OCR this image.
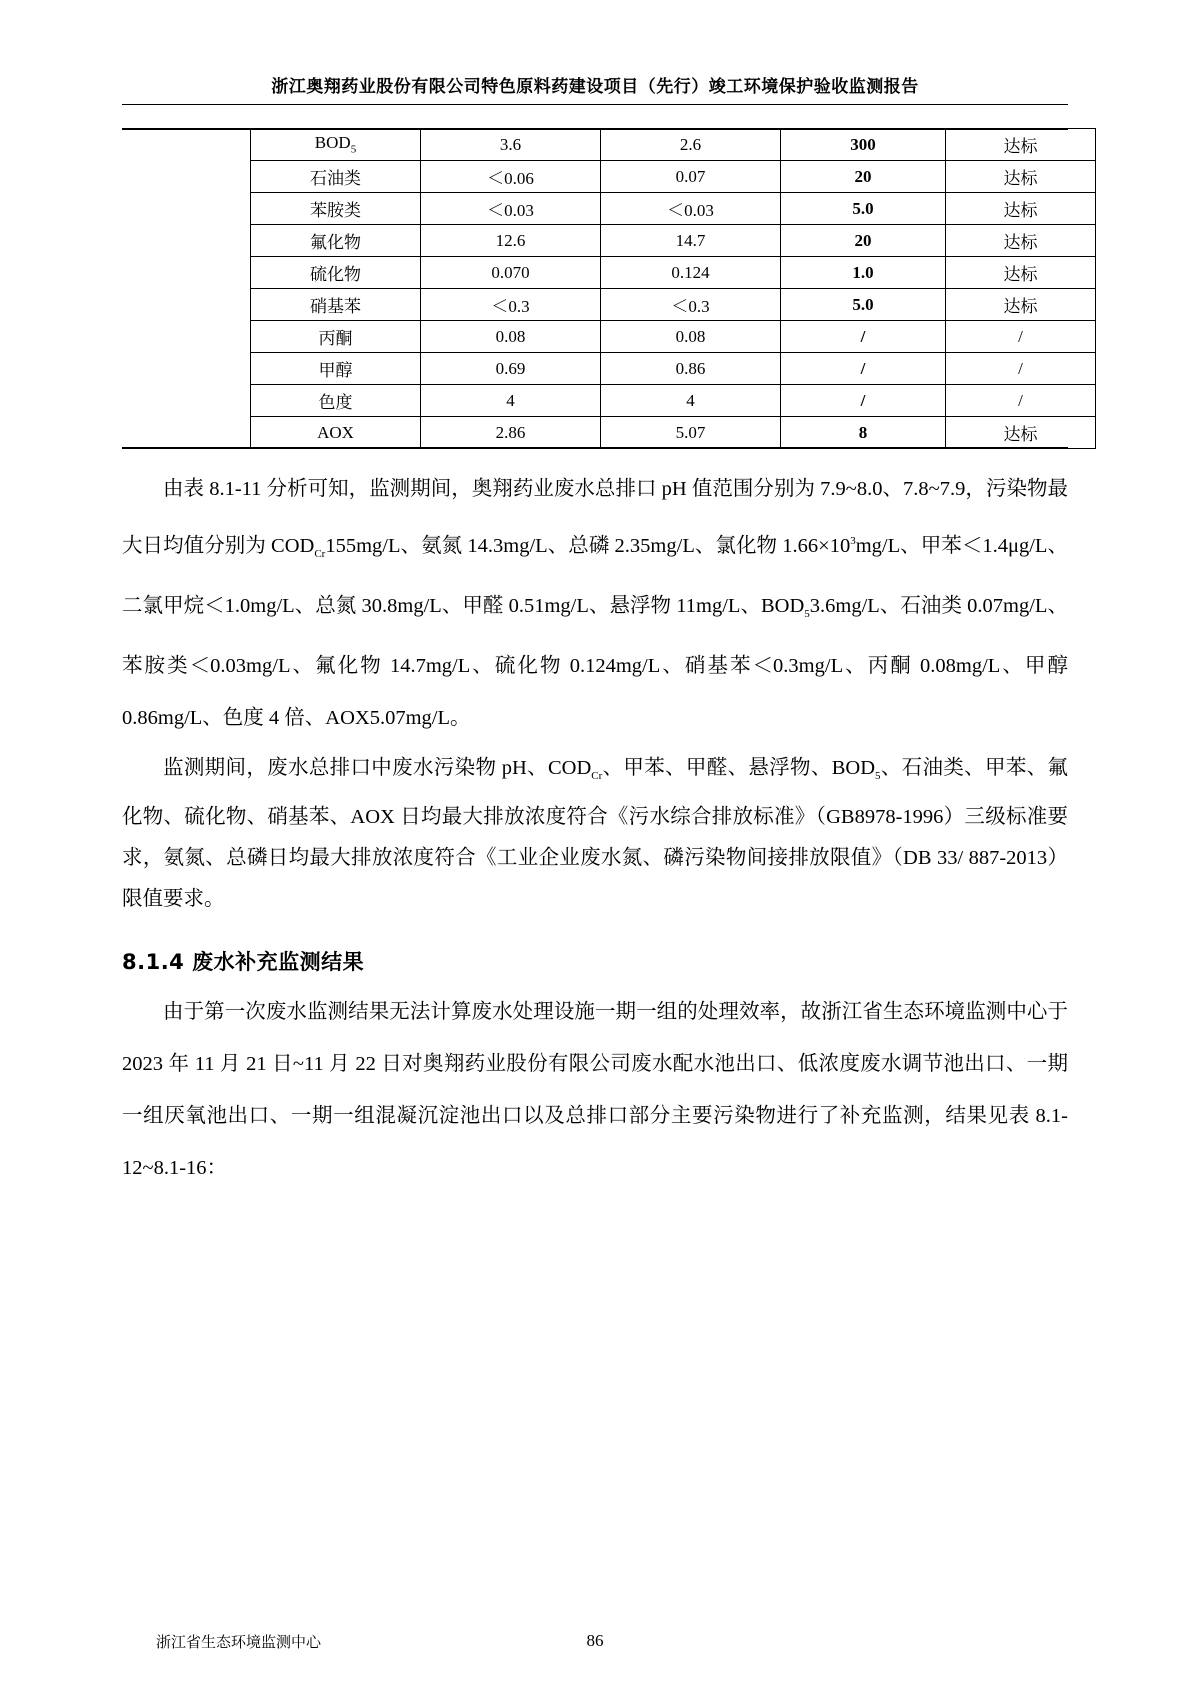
浙江奥翔药业股份有限公司特色原料药建设项目（先行）竣工环境保护验收监测报告
$BOD_5$	3.6	2.6	300	达标
石油类	＜0.06	0.07	20	达标
苯胺类	＜0.03	＜0.03	5.0	达标
氟化物	12.6	14.7	20	达标
硫化物	0.070	0.124	1.0	达标
硝基苯	＜0.3	＜0.3	5.0	达标
丙酮	0.08	0.08	/	/
甲醇	0.69	0.86	/	/
色度	4	4	/	/
AOX	2.86	5.07	8	达标

由表 8.1-11 分析可知，监测期间，奥翔药业废水总排口 pH 值范围分别为 7.9~8.0、7.8~7.9，污染物最大日均值分别为 $COD_{Cr}155mg/L$、氨氮 14.3mg/L、总磷 2.35mg/L、氯化物 $1.66\times 10^3mg/L$、甲苯＜1.4μg/L、二氯甲烷＜1.0mg/L、总氮 30.8mg/L、甲醛 0.51mg/L、悬浮物 11mg/L、$BOD_53.6mg/L$、石油类 0.07mg/L、苯胺类＜0.03mg/L、氟化物 14.7mg/L、硫化物 0.124mg/L、硝基苯＜0.3mg/L、丙酮 0.08mg/L、甲醇 0.86mg/L、色度 4 倍、AOX5.07mg/L。

监测期间，废水总排口中废水污染物 pH、$COD_{Cr}$、甲苯、甲醛、悬浮物、$BOD_5$、石油类、甲苯、氟化物、硫化物、硝基苯、AOX 日均最大排放浓度符合《污水综合排放标准》（GB8978-1996）三级标准要求，氨氮、总磷日均最大排放浓度符合《工业企业废水氮、磷污染物间接排放限值》（DB 33/ 887-2013）限值要求。

8.1.4 废水补充监测结果

由于第一次废水监测结果无法计算废水处理设施一期一组的处理效率，故浙江省生态环境监测中心于 2023 年 11 月 21 日~11 月 22 日对奥翔药业股份有限公司废水配水池出口、低浓度废水调节池出口、一期一组厌氧池出口、一期一组混凝沉淀池出口以及总排口部分主要污染物进行了补充监测，结果见表 8.1-12~8.1-16：

浙江省生态环境监测中心	86
